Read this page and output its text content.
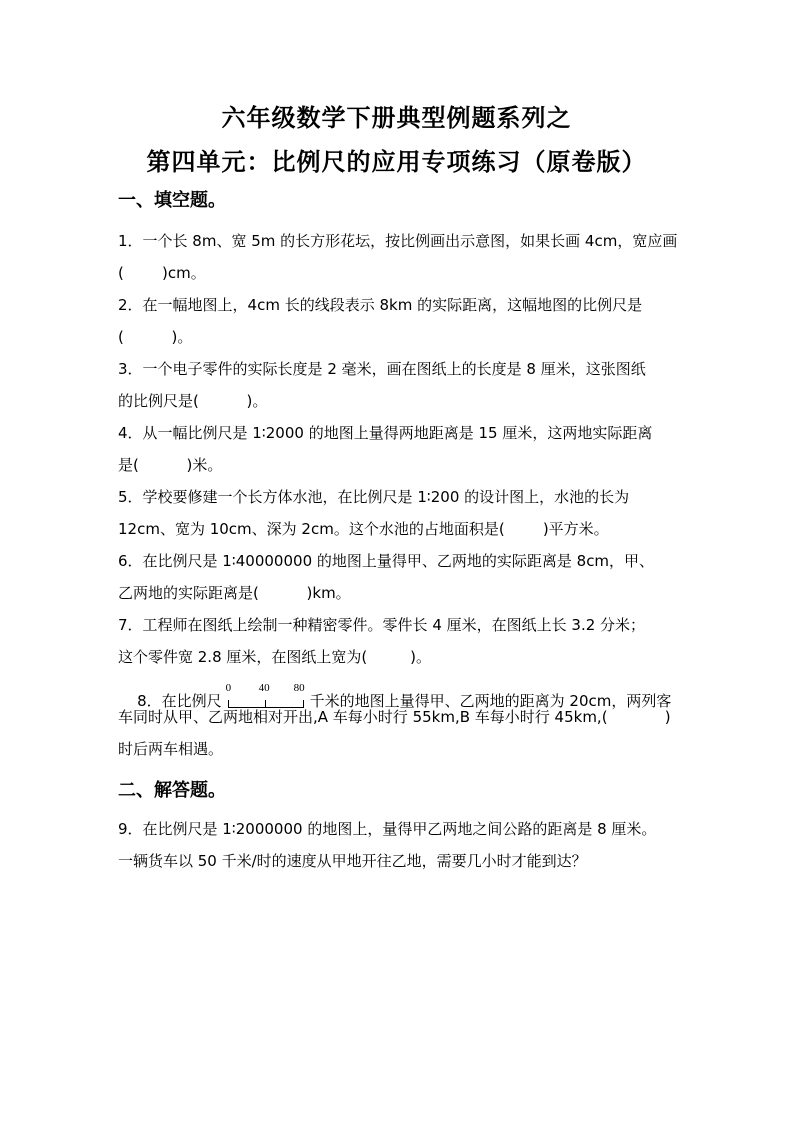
六年级数学下册典型例题系列之
第四单元：比例尺的应用专项练习（原卷版）
一、填空题。
1．一个长 8m、宽 5m 的长方形花坛，按比例画出示意图，如果长画 4cm，宽应画
(        )cm。
2．在一幅地图上，4cm 长的线段表示 8km 的实际距离，这幅地图的比例尺是
(          )。
3．一个电子零件的实际长度是 2 毫米，画在图纸上的长度是 8 厘米，这张图纸
的比例尺是(          )。
4．从一幅比例尺是 1∶2000 的地图上量得两地距离是 15 厘米，这两地实际距离
是(          )米。
5．学校要修建一个长方体水池，在比例尺是 1∶200 的设计图上，水池的长为
12cm、宽为 10cm、深为 2cm。这个水池的占地面积是(        )平方米。
6．在比例尺是 1∶40000000 的地图上量得甲、乙两地的实际距离是 8cm，甲、
乙两地的实际距离是(          )km。
7．工程师在图纸上绘制一种精密零件。零件长 4 厘米，在图纸上长 3.2 分米；
这个零件宽 2.8 厘米，在图纸上宽为(         )。

8．在比例尺
0	40 80
千米的地图上量得甲、乙两地的距离为 20cm，两列客

车同时从甲、乙两地相对开出,A 车每小时行 55km,B 车每小时行 45km,(            )
时后两车相遇。
二、解答题。
9．在比例尺是 1∶2000000 的地图上，量得甲乙两地之间公路的距离是 8 厘米。
一辆货车以 50 千米/时的速度从甲地开往乙地，需要几小时才能到达？
